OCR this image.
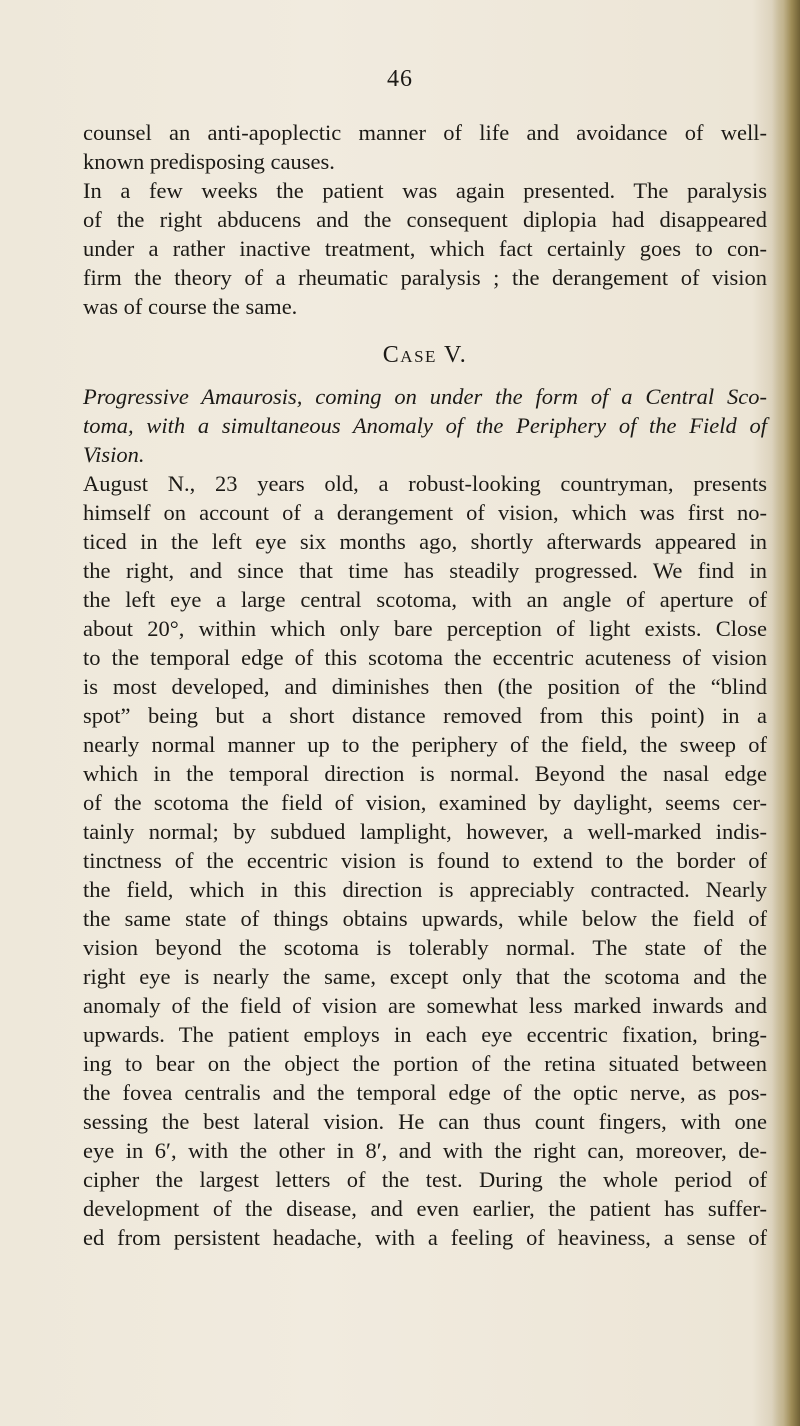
46
counsel an anti-apoplectic manner of life and avoidance of well-
known predisposing causes.
In a few weeks the patient was again presented. The paralysis
of the right abducens and the consequent diplopia had disappeared
under a rather inactive treatment, which fact certainly goes to con-
firm the theory of a rheumatic paralysis ; the derangement of vision
was of course the same.
Case V.
Progressive Amaurosis, coming on under the form of a Central Sco-
toma, with a simultaneous Anomaly of the Periphery of the Field of
Vision.
August N., 23 years old, a robust-looking countryman, presents
himself on account of a derangement of vision, which was first no-
ticed in the left eye six months ago, shortly afterwards appeared in
the right, and since that time has steadily progressed. We find in
the left eye a large central scotoma, with an angle of aperture of
about 20°, within which only bare perception of light exists. Close
to the temporal edge of this scotoma the eccentric acuteness of vision
is most developed, and diminishes then (the position of the “blind
spot” being but a short distance removed from this point) in a
nearly normal manner up to the periphery of the field, the sweep of
which in the temporal direction is normal. Beyond the nasal edge
of the scotoma the field of vision, examined by daylight, seems cer-
tainly normal; by subdued lamplight, however, a well-marked indis-
tinctness of the eccentric vision is found to extend to the border of
the field, which in this direction is appreciably contracted. Nearly
the same state of things obtains upwards, while below the field of
vision beyond the scotoma is tolerably normal. The state of the
right eye is nearly the same, except only that the scotoma and the
anomaly of the field of vision are somewhat less marked inwards and
upwards. The patient employs in each eye eccentric fixation, bring-
ing to bear on the object the portion of the retina situated between
the fovea centralis and the temporal edge of the optic nerve, as pos-
sessing the best lateral vision. He can thus count fingers, with one
eye in 6′, with the other in 8′, and with the right can, moreover, de-
cipher the largest letters of the test. During the whole period of
development of the disease, and even earlier, the patient has suffer-
ed from persistent headache, with a feeling of heaviness, a sense of
